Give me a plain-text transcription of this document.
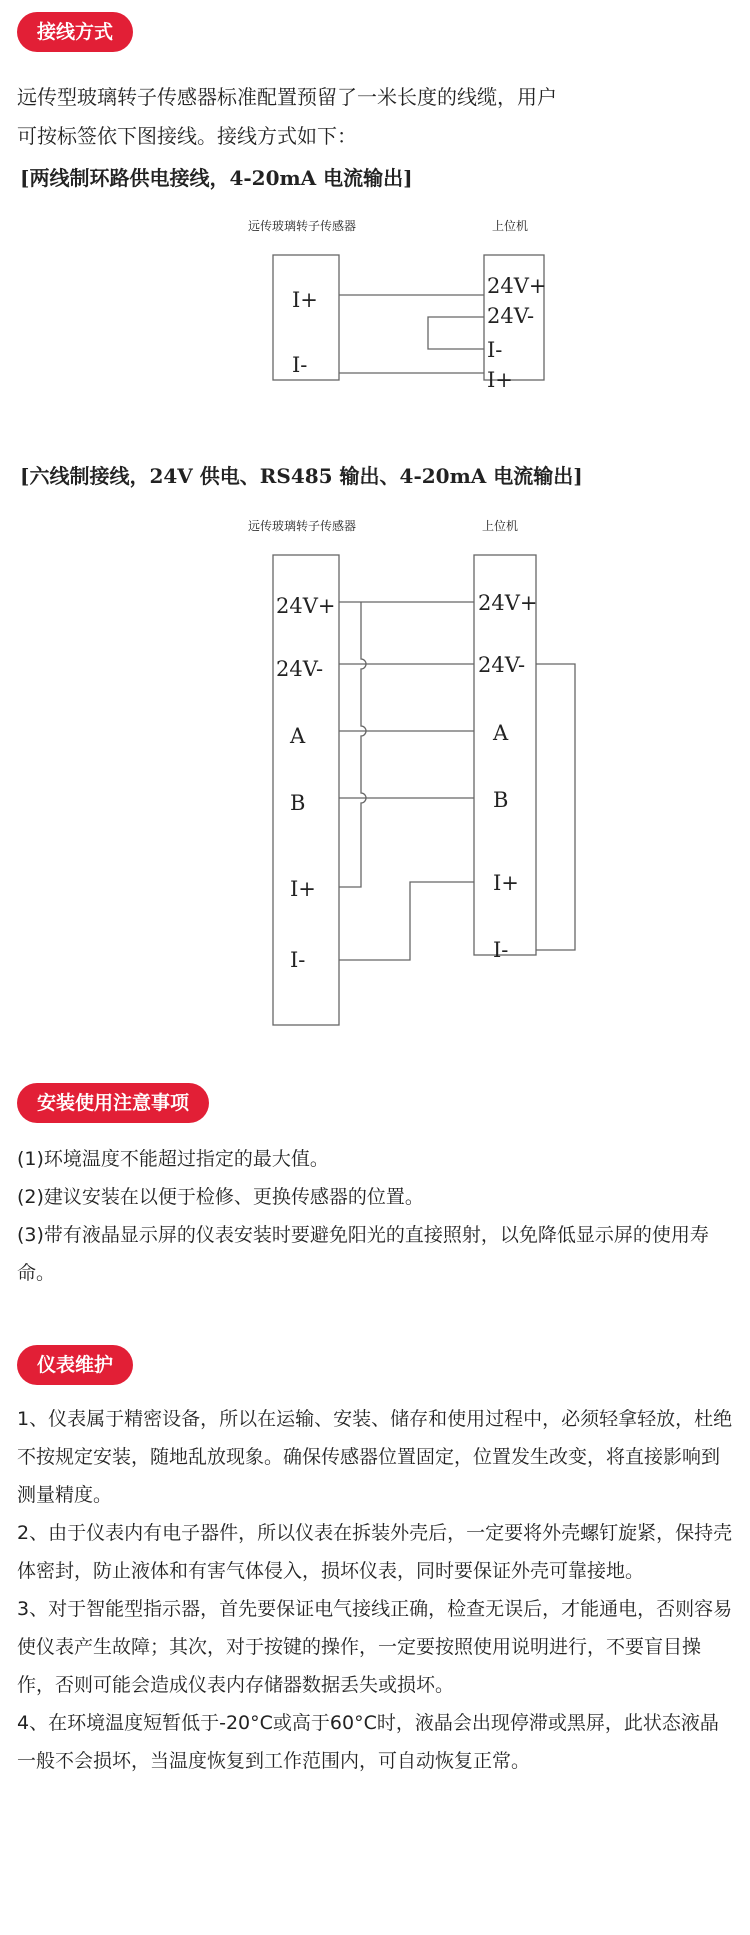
接线方式

远传型玻璃转子传感器标准配置预留了一米长度的线缆，用户

可按标签依下图接线。接线方式如下：

[两线制环路供电接线，4-20mA 电流输出]

远传玻璃转子传感器	上位机
I+
I-
24V+
24V-
I-
I+

[六线制接线，24V 供电、RS485 输出、4-20mA 电流输出]

远传玻璃转子传感器	上位机
24V+
24V-
A
B
I+
I-
24V+
24V-
A
B
I+
I-
安装使用注意事项
(1)环境温度不能超过指定的最大值。
(2)建议安装在以便于检修、更换传感器的位置。
(3)带有液晶显示屏的仪表安装时要避免阳光的直接照射，以免降低显示屏的使用寿命。
仪表维护
1、仪表属于精密设备，所以在运输、安装、储存和使用过程中，必须轻拿轻放，杜绝不按规定安装，随地乱放现象。确保传感器位置固定，位置发生改变，将直接影响到测量精度。
2、由于仪表内有电子器件，所以仪表在拆装外壳后，一定要将外壳螺钉旋紧，保持壳体密封，防止液体和有害气体侵入，损坏仪表，同时要保证外壳可靠接地。
3、对于智能型指示器，首先要保证电气接线正确，检查无误后，才能通电，否则容易使仪表产生故障；其次，对于按键的操作，一定要按照使用说明进行，不要盲目操作，否则可能会造成仪表内存储器数据丢失或损坏。
4、在环境温度短暂低于-20°C或高于60°C时，液晶会出现停滞或黑屏，此状态液晶一般不会损坏，当温度恢复到工作范围内，可自动恢复正常。
